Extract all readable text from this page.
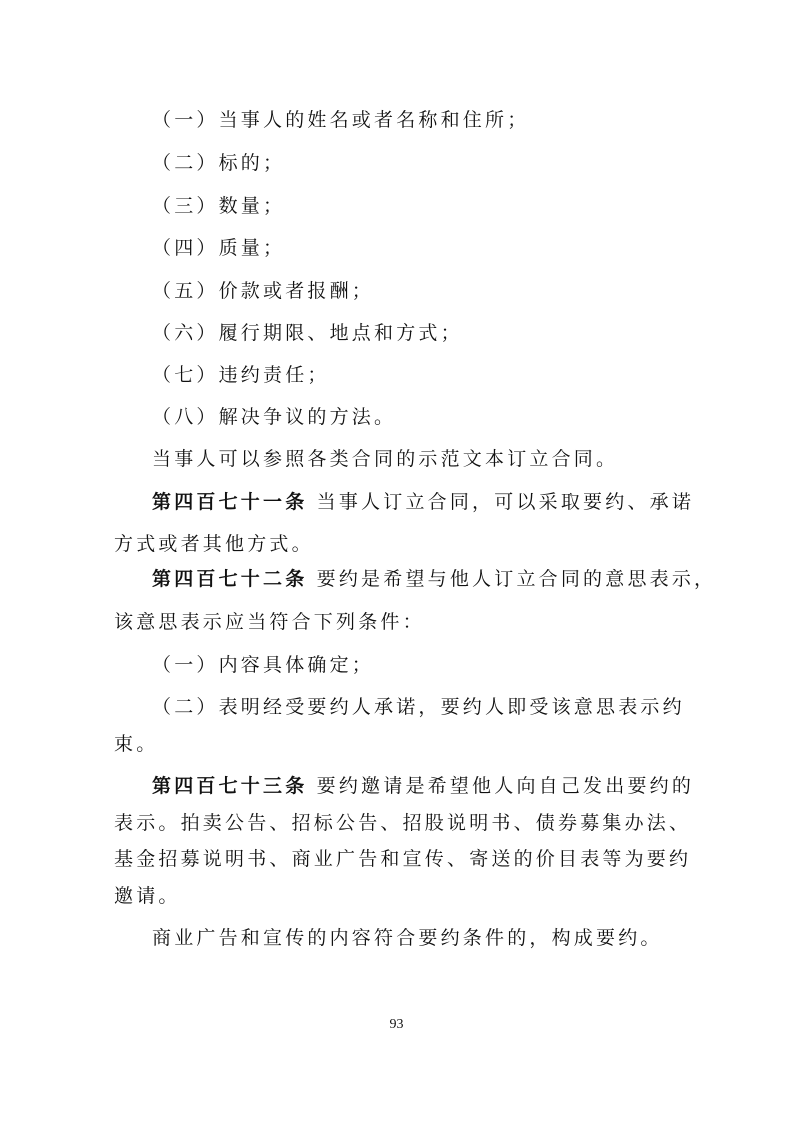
（一）当事人的姓名或者名称和住所；
（二）标的；
（三）数量；
（四）质量；
（五）价款或者报酬；
（六）履行期限、地点和方式；
（七）违约责任；
（八）解决争议的方法。
当事人可以参照各类合同的示范文本订立合同。
第四百七十一条 当事人订立合同，可以采取要约、承诺
方式或者其他方式。
第四百七十二条 要约是希望与他人订立合同的意思表示，
该意思表示应当符合下列条件：
（一）内容具体确定；
（二）表明经受要约人承诺，要约人即受该意思表示约
束。
第四百七十三条 要约邀请是希望他人向自己发出要约的
表示。拍卖公告、招标公告、招股说明书、债券募集办法、
基金招募说明书、商业广告和宣传、寄送的价目表等为要约
邀请。
商业广告和宣传的内容符合要约条件的，构成要约。
93
